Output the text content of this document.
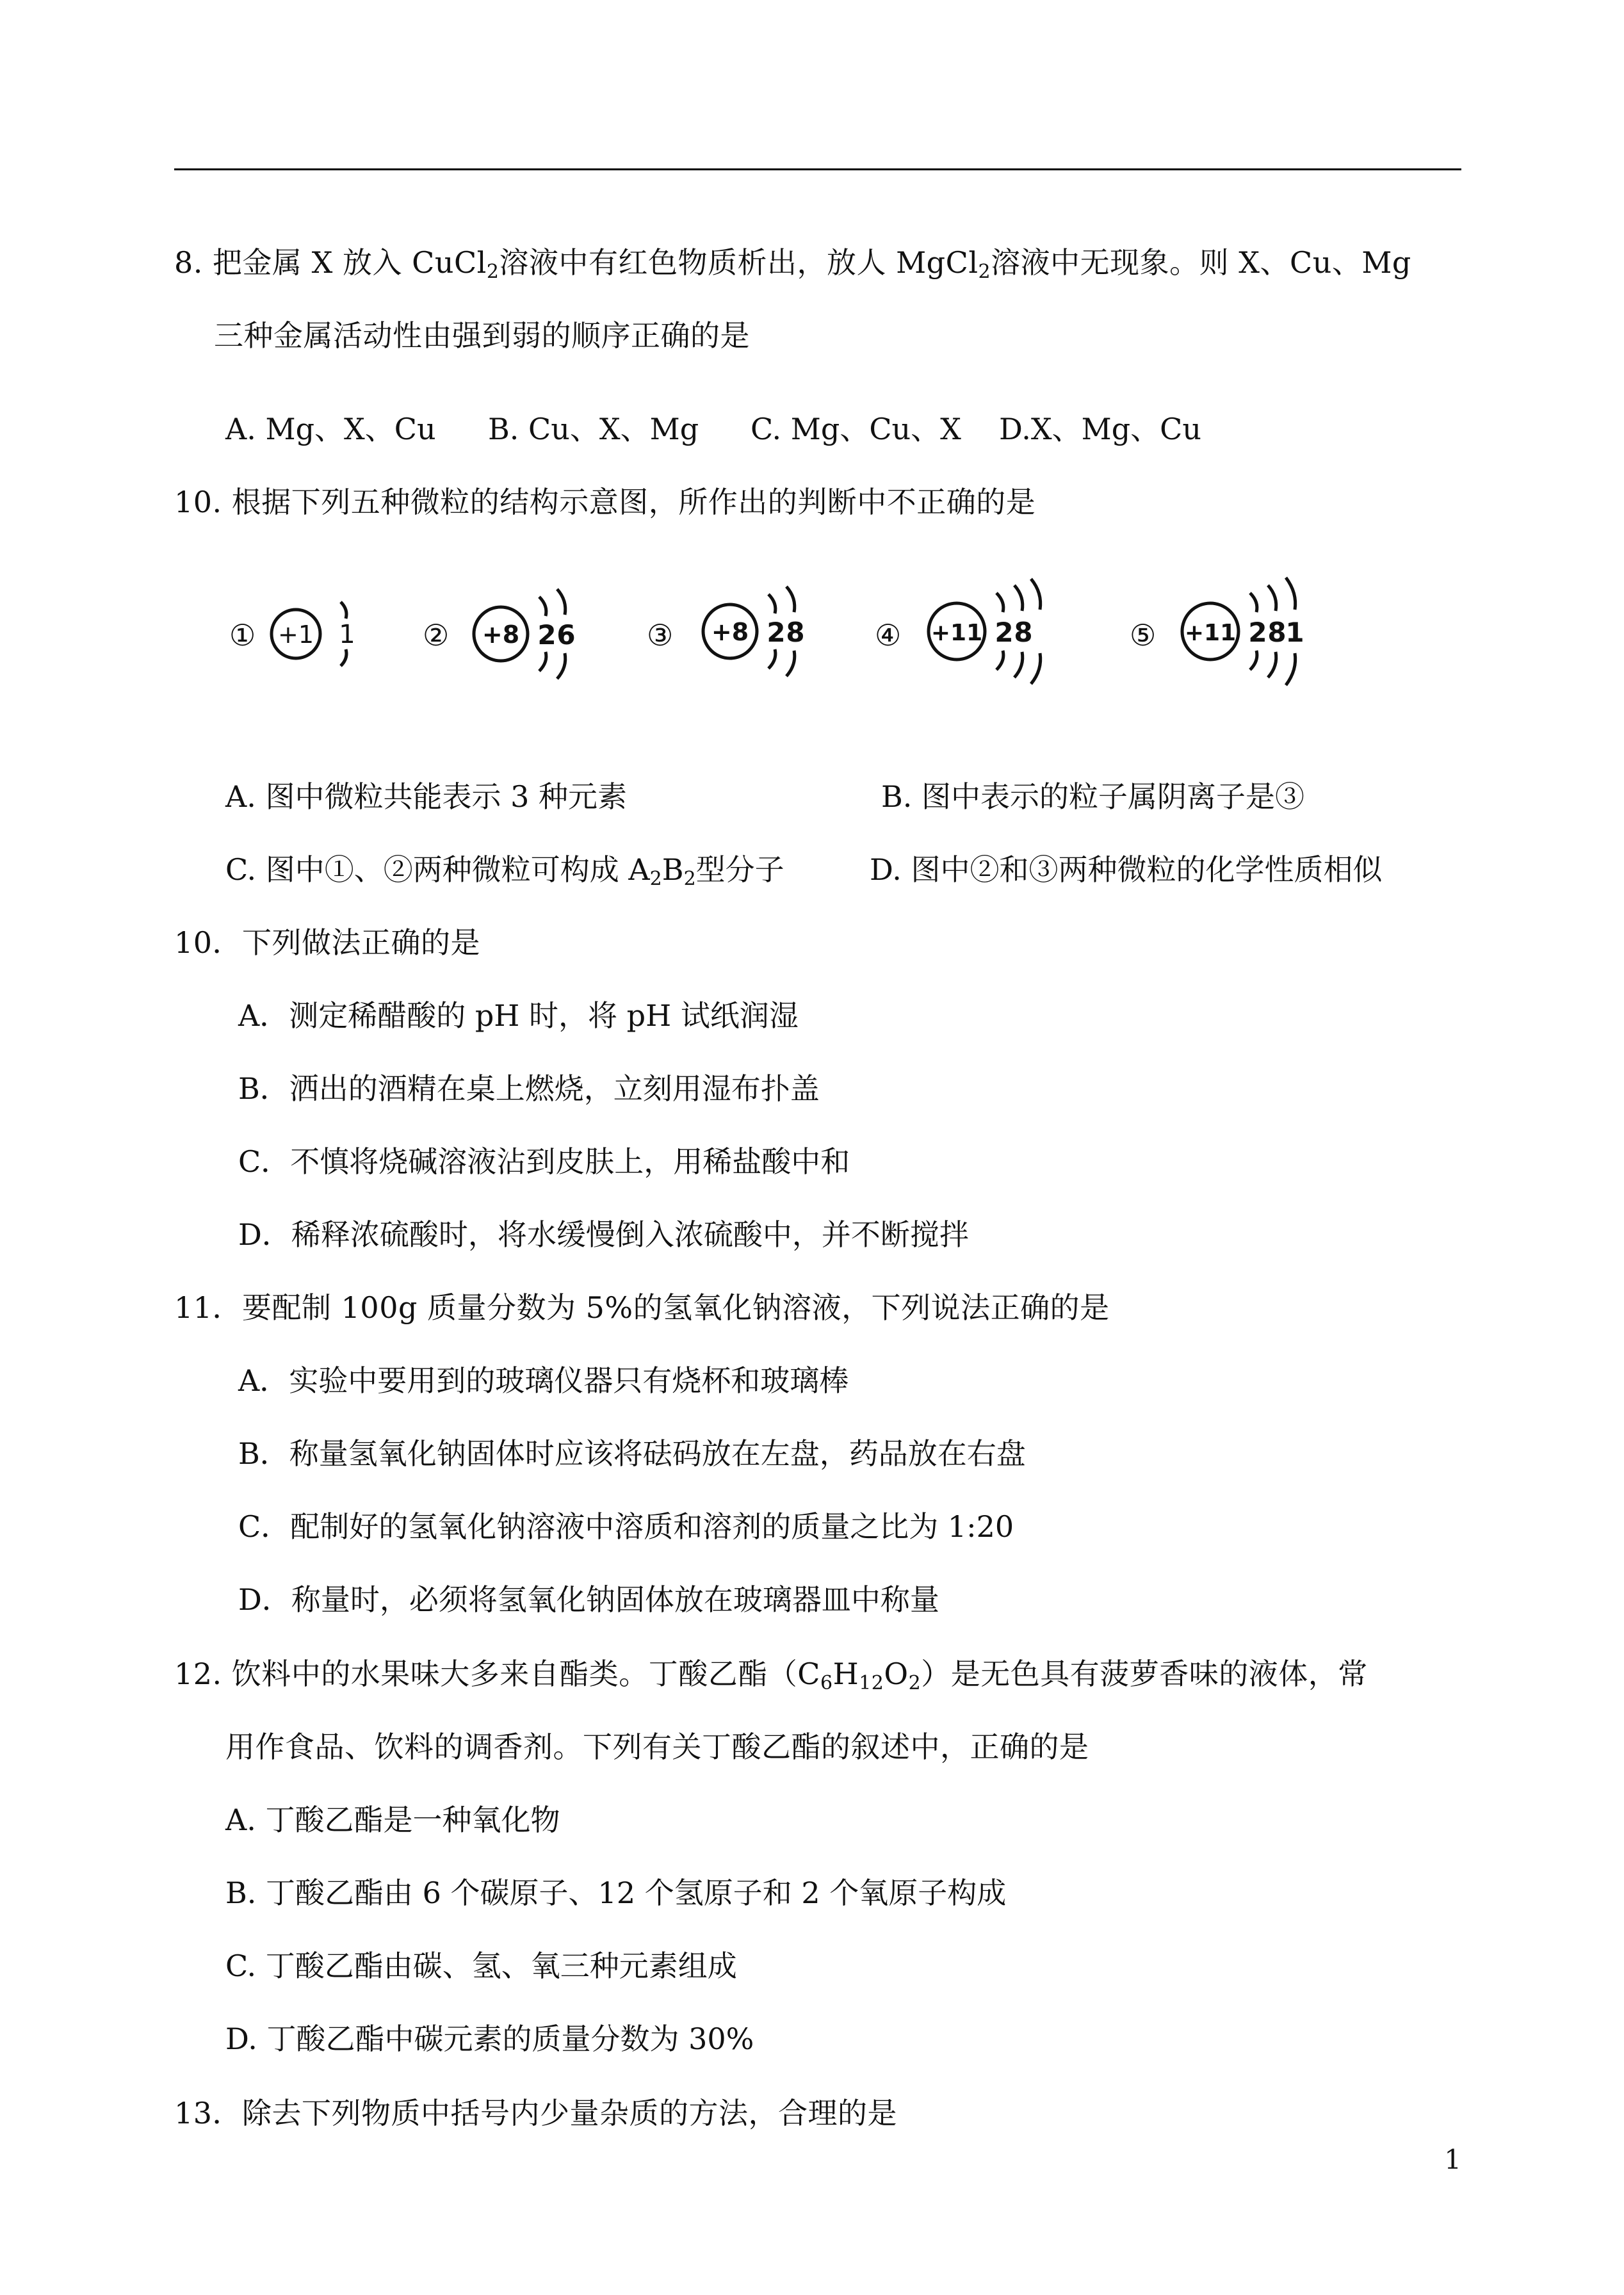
8. 把金属 X 放入 CuCl$_2$溶液中有红色物质析出，放人 MgCl$_2$溶液中无现象。则 X、Cu、Mg
三种金属活动性由强到弱的顺序正确的是
A. Mg、X、Cu B. Cu、X、Mg C. Mg、Cu、X D.X、Mg、Cu
10. 根据下列五种微粒的结构示意图，所作出的判断中不正确的是
① +1 1 ② +8 2 6 ③ +8 2 8 ④ +11 2 8	⑤ +11 2 8
1
A. 图中微粒共能表示 3 种元素	B. 图中表示的粒子属阴离子是③
C. 图中①、②两种微粒可构成 $A_2B_2$型分子	D. 图中②和③两种微粒的化学性质相似
10．下列做法正确的是
A．测定稀醋酸的 pH 时，将 pH 试纸润湿
B．洒出的酒精在桌上燃烧，立刻用湿布扑盖
C．不慎将烧碱溶液沾到皮肤上，用稀盐酸中和
D．稀释浓硫酸时，将水缓慢倒入浓硫酸中，并不断搅拌
11．要配制 100g 质量分数为 5%的氢氧化钠溶液，下列说法正确的是
A．实验中要用到的玻璃仪器只有烧杯和玻璃棒
B．称量氢氧化钠固体时应该将砝码放在左盘，药品放在右盘
C．配制好的氢氧化钠溶液中溶质和溶剂的质量之比为 1:20
D．称量时，必须将氢氧化钠固体放在玻璃器皿中称量
12. 饮料中的水果味大多来自酯类。丁酸乙酯$(C_6H_{12}O_2)$是无色具有菠萝香味的液体，常
用作食品、饮料的调香剂。下列有关丁酸乙酯的叙述中，正确的是
A. 丁酸乙酯是一种氧化物
B. 丁酸乙酯由 6 个碳原子、12 个氢原子和 2 个氧原子构成
C. 丁酸乙酯由碳、氢、氧三种元素组成
D. 丁酸乙酯中碳元素的质量分数为 30%
13．除去下列物质中括号内少量杂质的方法，合理的是
1
